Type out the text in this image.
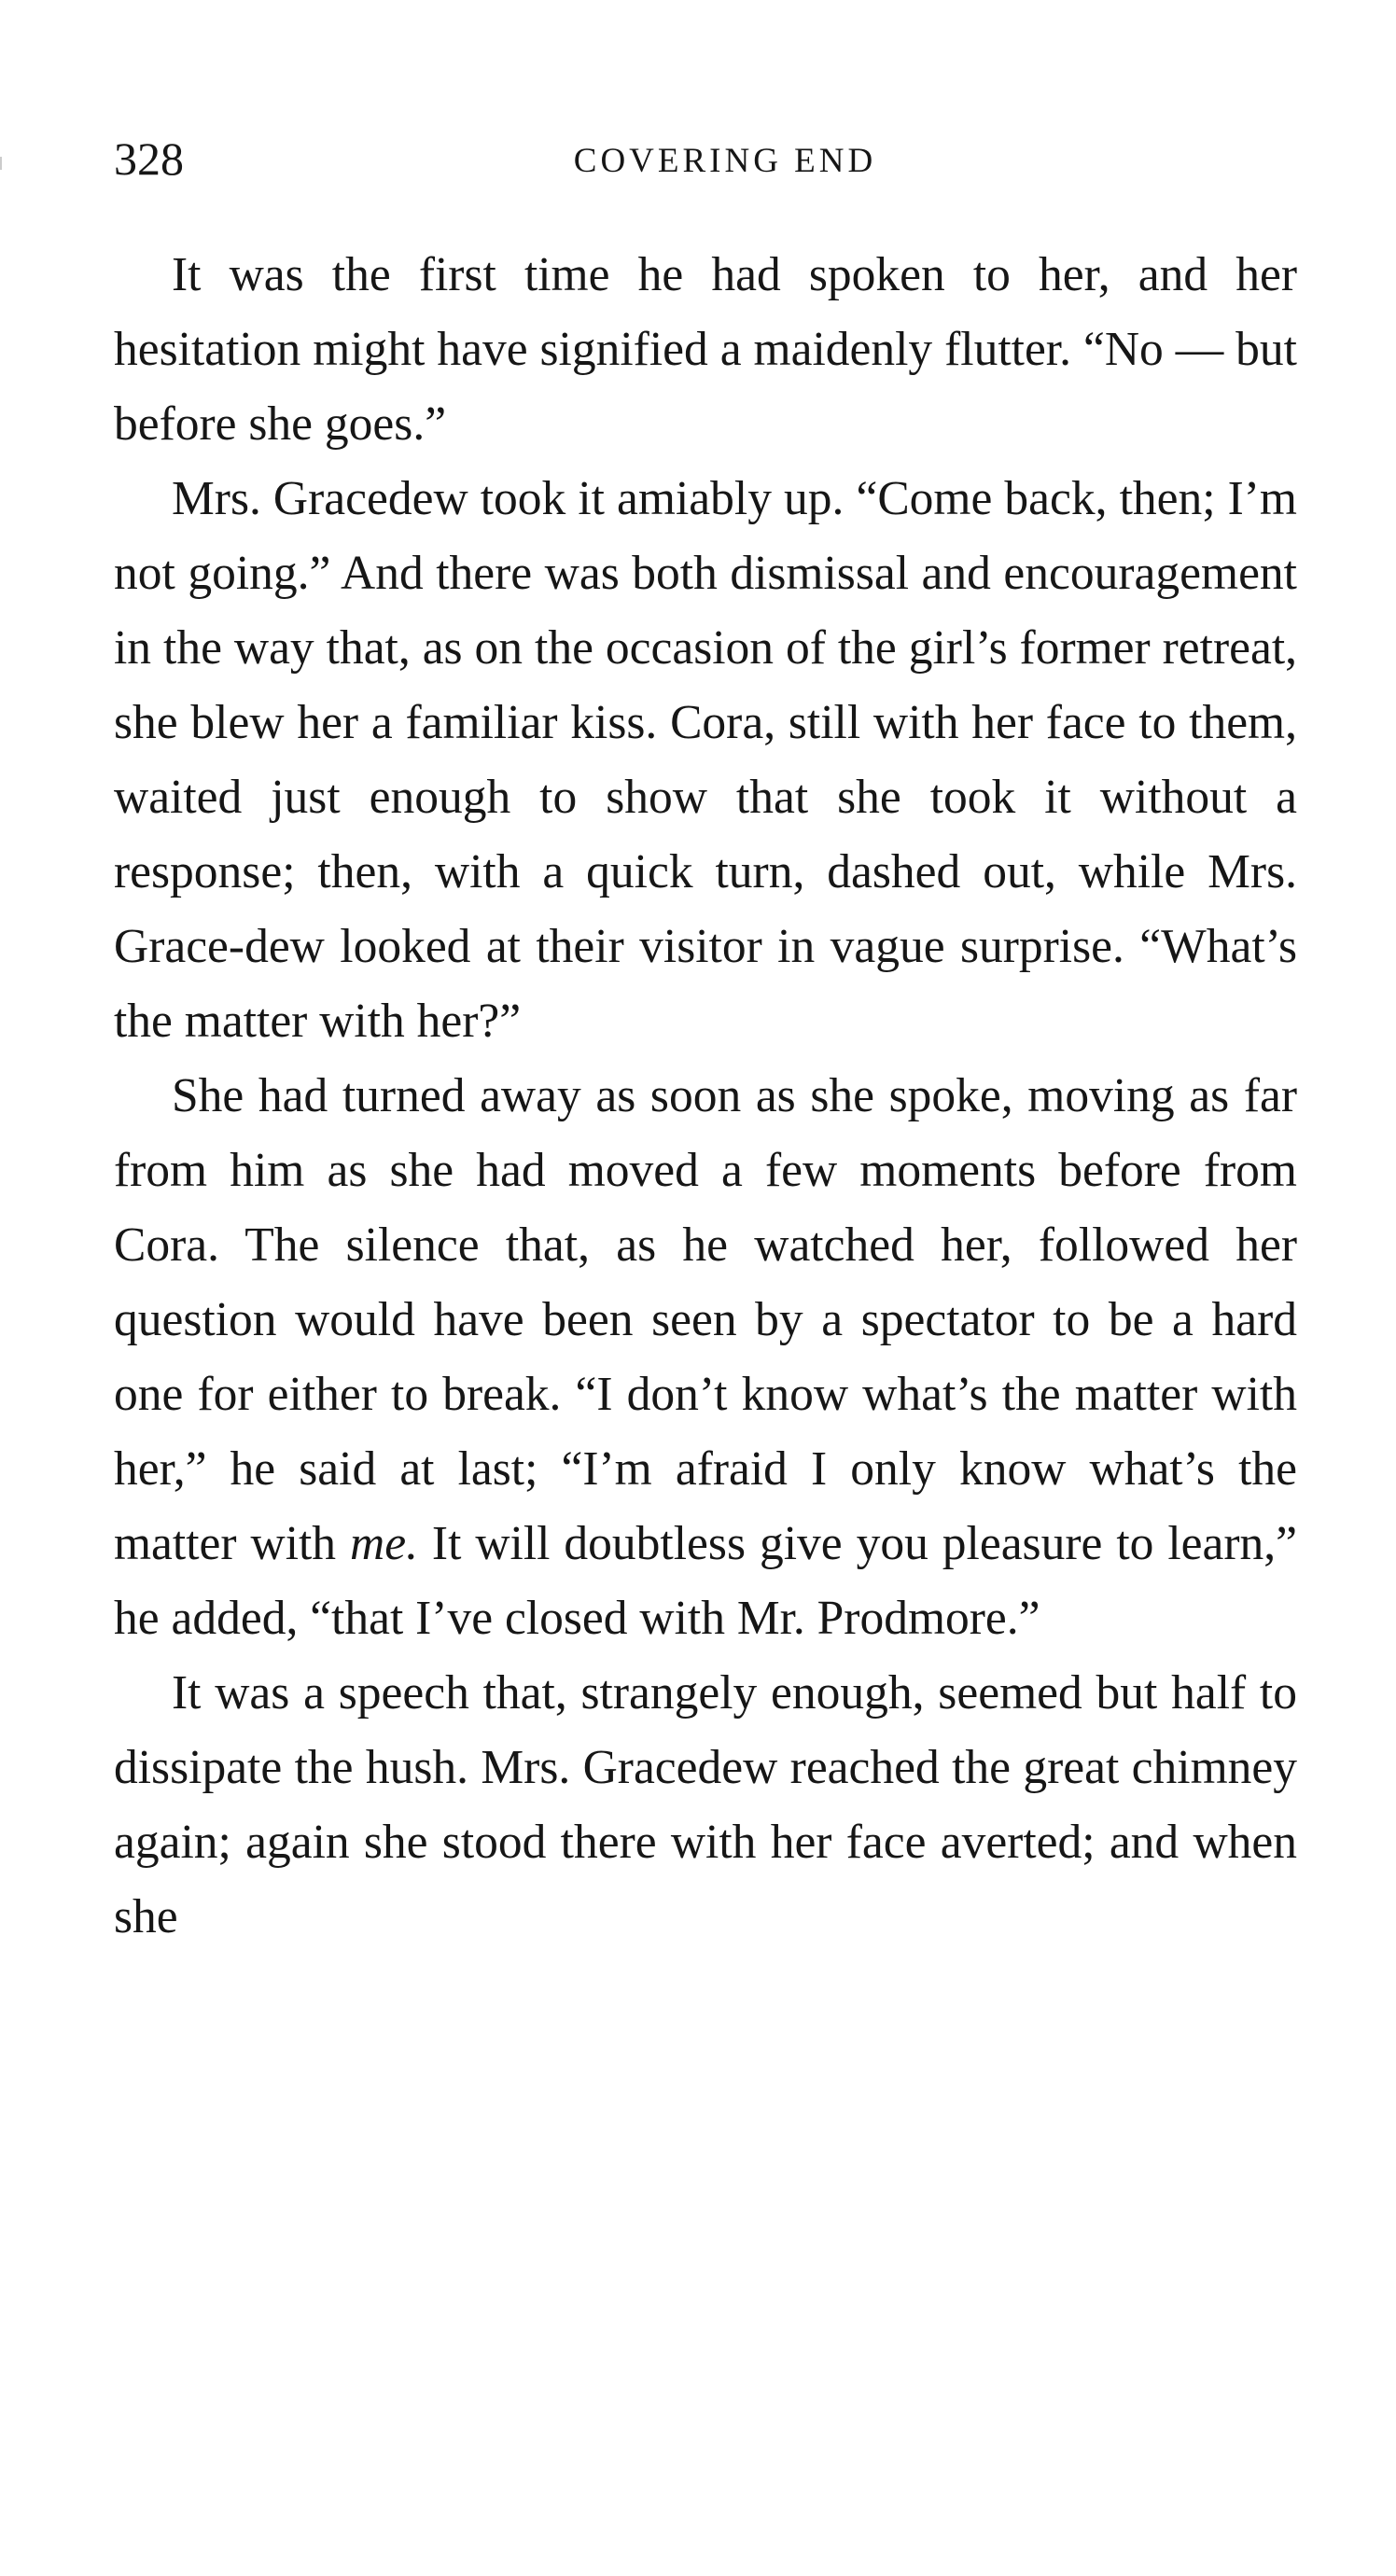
328	COVERING END

It was the first time he had spoken to her, and her hesitation might have signified a maidenly flutter. “No — but before she goes.”

Mrs. Gracedew took it amiably up. “Come back, then; I’m not going.” And there was both dismissal and encouragement in the way that, as on the occasion of the girl’s former retreat, she blew her a familiar kiss. Cora, still with her face to them, waited just enough to show that she took it without a response; then, with a quick turn, dashed out, while Mrs. Grace-dew looked at their visitor in vague surprise. “What’s the matter with her?”

She had turned away as soon as she spoke, moving as far from him as she had moved a few moments before from Cora. The silence that, as he watched her, followed her question would have been seen by a spectator to be a hard one for either to break. “I don’t know what’s the matter with her,” he said at last; “I’m afraid I only know what’s the matter with me. It will doubtless give you pleasure to learn,” he added, “that I’ve closed with Mr. Prodmore.”

It was a speech that, strangely enough, seemed but half to dissipate the hush. Mrs. Gracedew reached the great chimney again; again she stood there with her face averted; and when she
